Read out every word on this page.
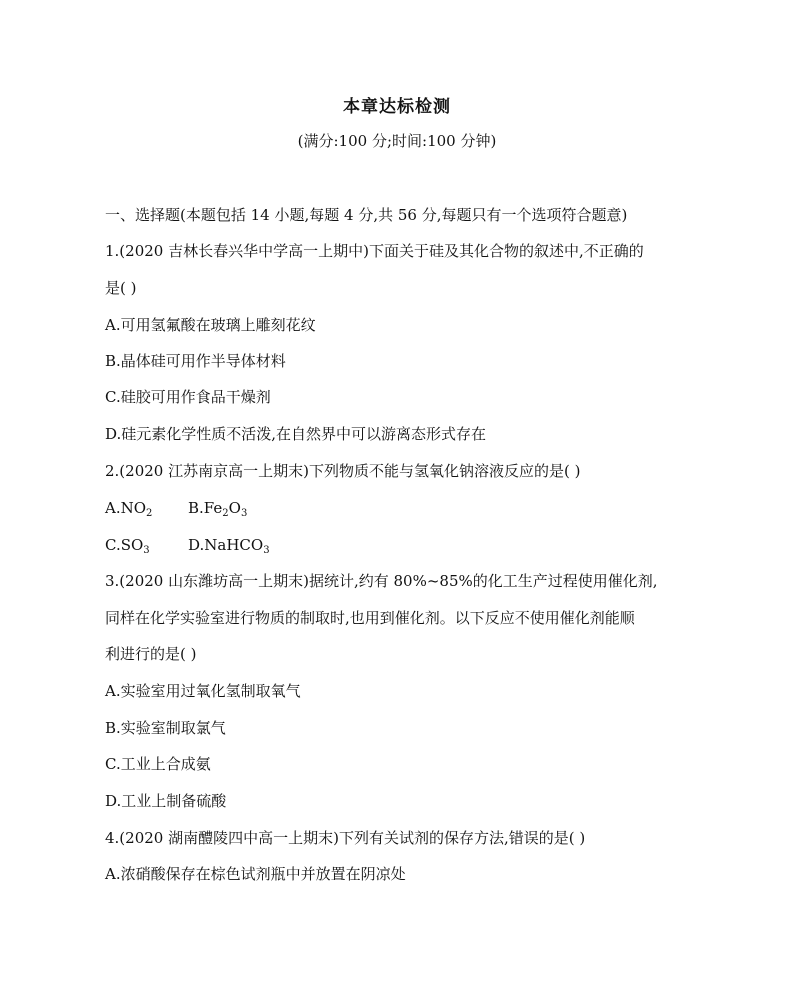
本章达标检测
(满分:100 分;时间:100 分钟)
一、选择题(本题包括 14 小题,每题 4 分,共 56 分,每题只有一个选项符合题意)
1.(2020 吉林长春兴华中学高一上期中)下面关于硅及其化合物的叙述中,不正确的
是( )
A.可用氢氟酸在玻璃上雕刻花纹
B.晶体硅可用作半导体材料
C.硅胶可用作食品干燥剂
D.硅元素化学性质不活泼,在自然界中可以游离态形式存在
2.(2020 江苏南京高一上期末)下列物质不能与氢氧化钠溶液反应的是( )
$A.NO_2$ $B.Fe_2O_3$
$C.SO_3$	D.NaHCO$_3$
3.(2020 山东潍坊高一上期末)据统计,约有 80%~85%的化工生产过程使用催化剂,
同样在化学实验室进行物质的制取时,也用到催化剂。以下反应不使用催化剂能顺
利进行的是( )
A.实验室用过氧化氢制取氧气
B.实验室制取氯气
C.工业上合成氨
D.工业上制备硫酸
4.(2020 湖南醴陵四中高一上期末)下列有关试剂的保存方法,错误的是( )
A.浓硝酸保存在棕色试剂瓶中并放置在阴凉处
